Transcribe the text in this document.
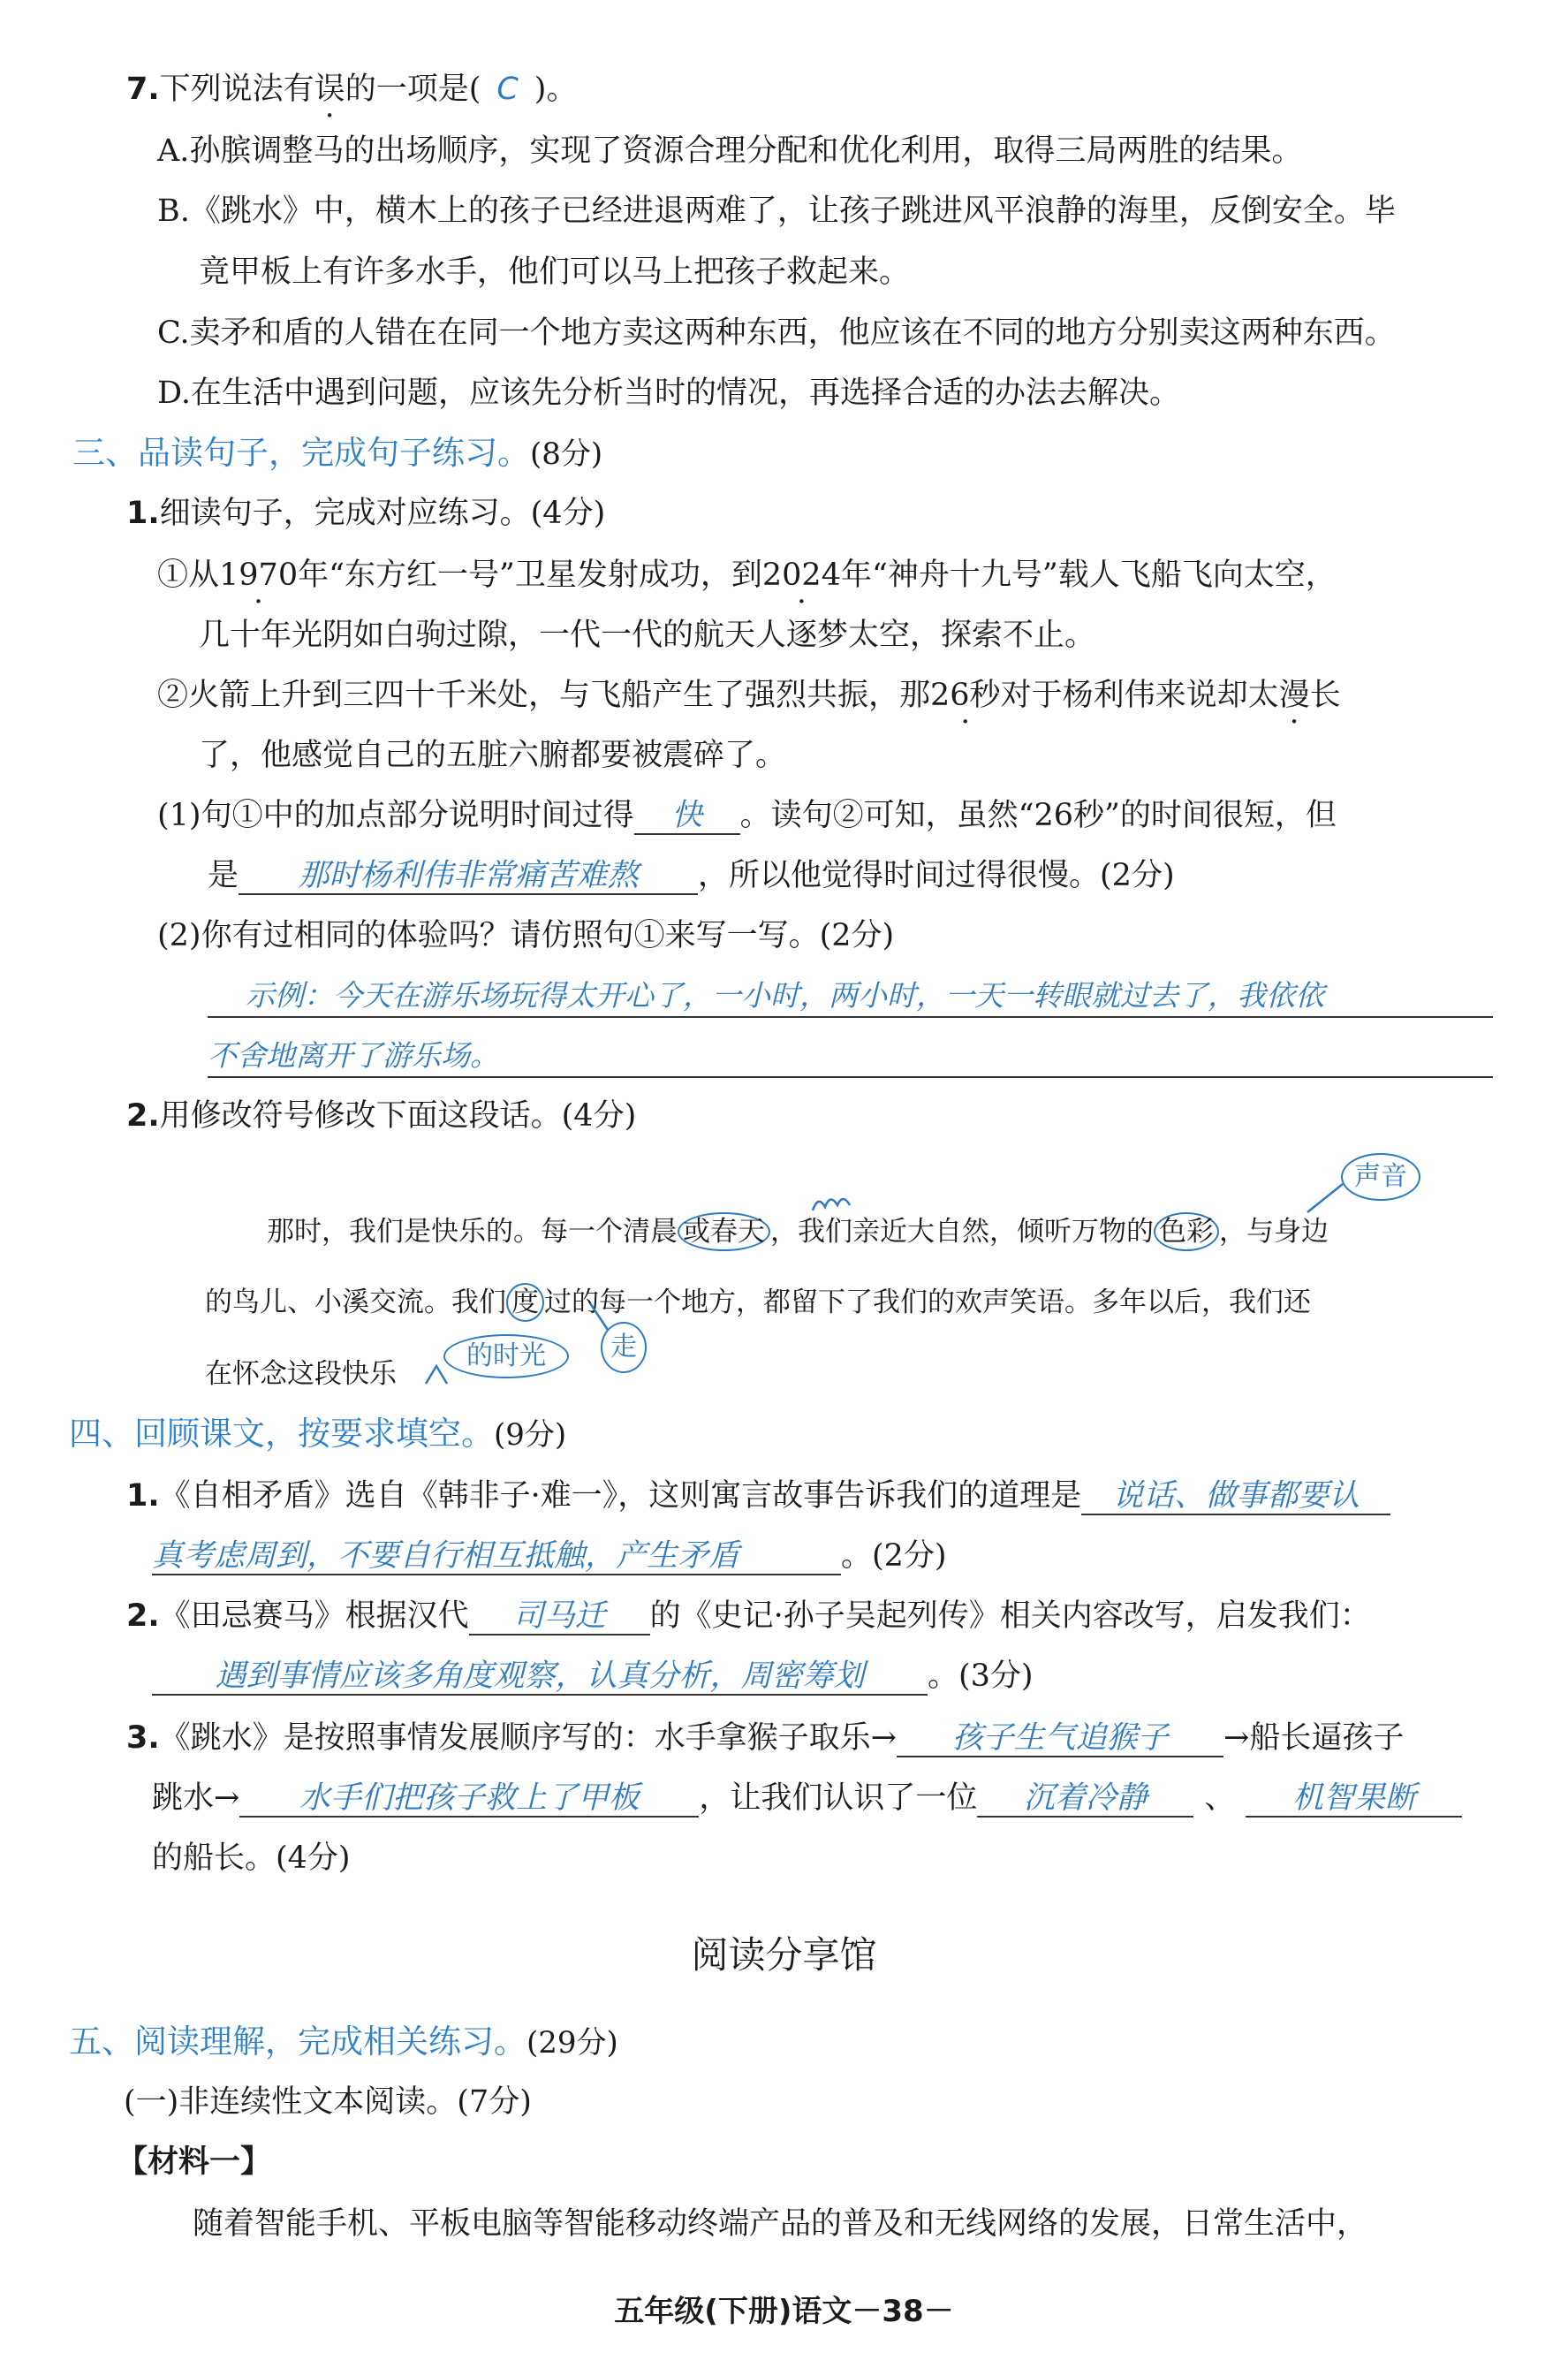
7.下列说法有误的一项是( C )。
A.孙膑调整马的出场顺序，实现了资源合理分配和优化利用，取得三局两胜的结果。
B.《跳水》中，横木上的孩子已经进退两难了，让孩子跳进风平浪静的海里，反倒安全。毕
竟甲板上有许多水手，他们可以马上把孩子救起来。
C.卖矛和盾的人错在在同一个地方卖这两种东西，他应该在不同的地方分别卖这两种东西。
D.在生活中遇到问题，应该先分析当时的情况，再选择合适的办法去解决。
三、品读句子，完成句子练习。(8分)
1.细读句子，完成对应练习。(4分)
①从1970 ·年“东方红一号”卫星发射成功，到2024 ·年“神舟十九号”载人飞船飞向太空，
几十年光阴如白驹过隙，一代一代的航天人逐梦太空，探索不止。
②火箭上升到三四十千米处，与飞船产生了强烈共振，那26秒 ·对于杨利伟来说却太漫长
了，他感觉自己的五脏六腑都要被震碎了。
(1)句①中的加点部分说明时间过得 快 。读句②可知，虽然“26秒”的时间很短，但
是 那时杨利伟非常痛苦难熬 ，所以他觉得时间过得很慢。(2分)
(2)你有过相同的体验吗？请仿照句①来写一写。(2分)
示例：今天在游乐场玩得太开心了，一小时，两小时，一天一转眼就过去了，我依依
不舍地离开了游乐场。
2.用修改符号修改下面这段话。(4分)
那时，我们是快乐的。每一个清晨 或春天 ，我们亲近大自然，倾听万物的 色彩 ，与身边
的鸟儿、小溪交流。我们 度 过的每一个地方，都留下了我们的欢声笑语。多年以后，我们还
在怀念这段快乐
声音
走
的时光
四、回顾课文，按要求填空。(9分)
1.《自相矛盾》选自《韩非子·难一》，这则寓言故事告诉我们的道理是 说话、做事都要认
真考虑周到，不要自行相互抵触，产生矛盾	。(2分)
2.《田忌赛马》根据汉代 司马迁 的《史记·孙子吴起列传》相关内容改写，启发我们：
遇到事情应该多角度观察，认真分析，周密筹划 。(3分)
3.《跳水》是按照事情发展顺序写的：水手拿猴子取乐→ 孩子生气追猴子 →船长逼孩子
跳水→ 水手们把孩子救上了甲板 ，让我们认识了一位 沉着冷静 、 机智果断
的船长。(4分)
阅读分享馆
五、阅读理解，完成相关练习。(29分)
(一)非连续性文本阅读。(7分)
【材料一】
随着智能手机、平板电脑等智能移动终端产品的普及和无线网络的发展，日常生活中，
五年级(下册)语文－38－
